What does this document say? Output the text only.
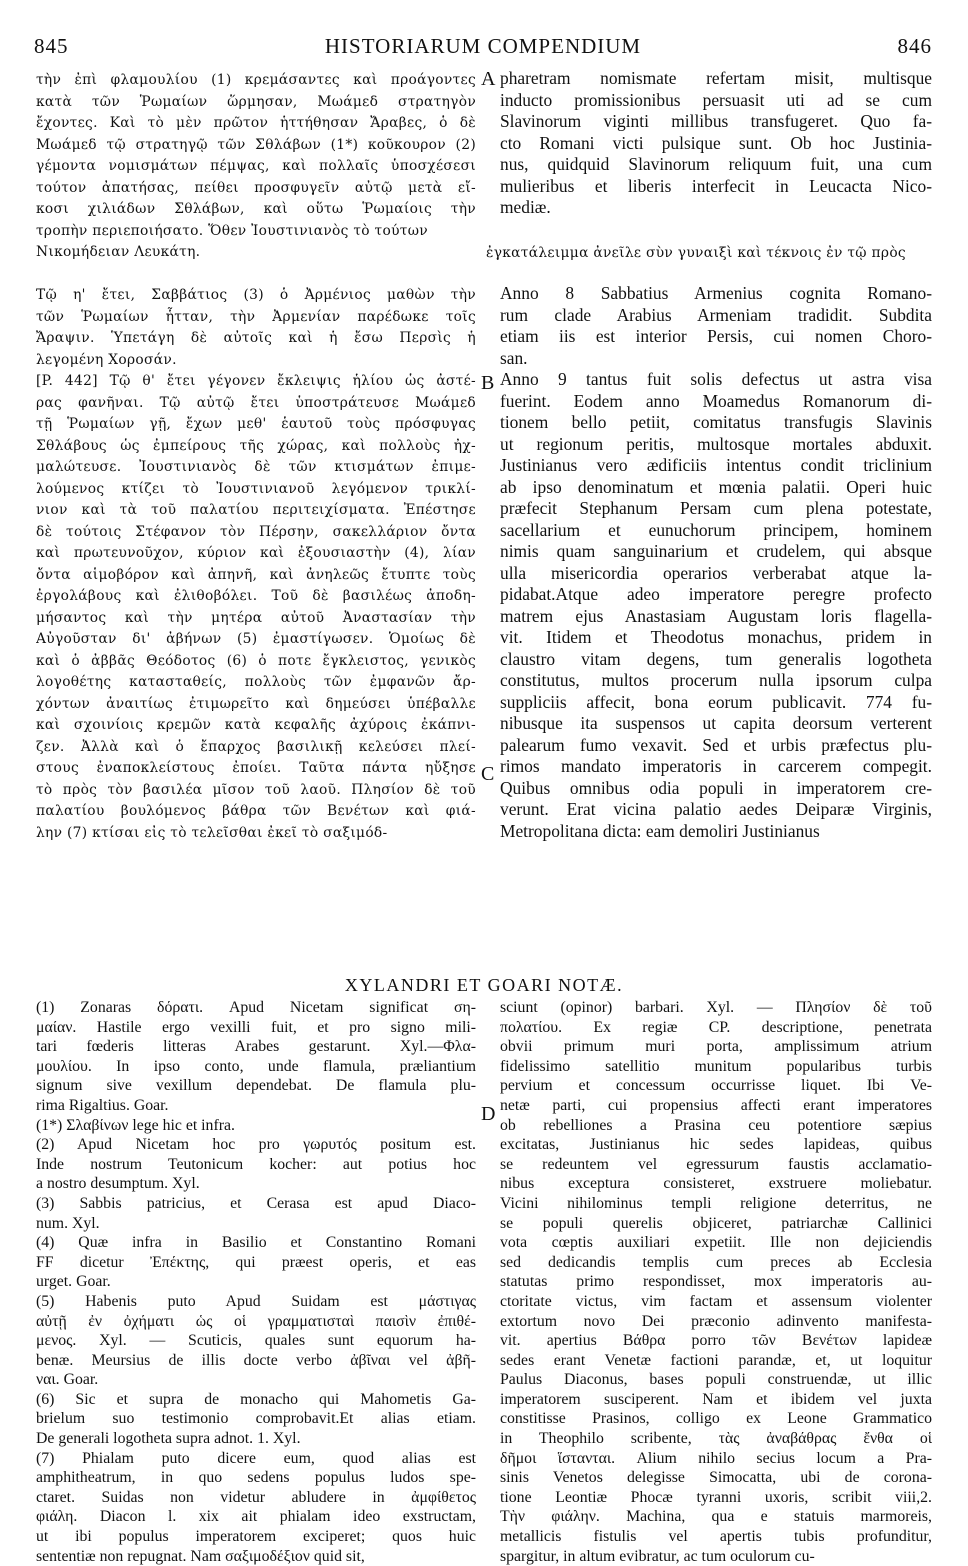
845	HISTORIARUM COMPENDIUM	846
A
B
C
D
τὴν ἐπὶ φλαμουλίου (1) κρεμάσαντες καὶ προάγοντες
κατὰ τῶν Ῥωμαίων ὥρμησαν, Μωάμεδ στρατηγὸν
ἔχοντες. Καὶ τὸ μὲν πρῶτον ἡττήθησαν Ἄραβες, ὁ δὲ
Μωάμεδ τῷ στρατηγῷ τῶν Σθλάβων (1*) κοῦκουρον (2)
γέμοντα νομισμάτων πέμψας, καὶ πολλαῖς ὑποσχέσεσι
τούτον ἀπατήσας, πείθει προσφυγεῖν αὐτῷ μετὰ εἴ-
κοσι χιλιάδων Σθλάβων, καὶ οὕτω Ῥωμαίοις τὴν
τροπὴν περιεποιήσατο. Ὅθεν Ἰουστινιανὸς τὸ τούτων
Νικομήδειαν Λευκάτη.
pharetram nomismate refertam misit, multisque
inducto promissionibus persuasit uti ad se cum
Slavinorum viginti millibus transfugeret. Quo fa-
cto Romani victi pulsique sunt. Ob hoc Justinia-
nus, quidquid Slavinorum reliquum fuit, una cum
mulieribus et liberis interfecit in Leucacta Nico-
mediæ.
ἐγκατάλειμμα ἀνεῖλε σὺν γυναιξὶ καὶ τέκνοις ἐν τῷ πρὸς
Τῷ η' ἔτει, Σαββάτιος (3) ὁ Ἀρμένιος μαθὼν τὴν
τῶν Ῥωμαίων ἧτταν, τὴν Ἀρμενίαν παρέδωκε τοῖς
Ἄραψιν. Ὑπετάγη δὲ αὐτοῖς καὶ ἡ ἔσω Περσὶς ἡ
λεγομένη Χοροσάν.
[P. 442] Τῷ θ' ἔτει γέγονεν ἔκλειψις ἡλίου ὡς ἀστέ-
ρας φανῆναι. Τῷ αὐτῷ ἔτει ὑποστράτευσε Μωάμεδ
τῇ Ῥωμαίων γῇ, ἔχων μεθ' ἑαυτοῦ τοὺς πρόσφυγας
Σθλάβους ὡς ἐμπείρους τῆς χώρας, καὶ πολλοὺς ἠχ-
μαλώτευσε. Ἰουστινιανὸς δὲ τῶν κτισμάτων ἐπιμε-
λούμενος κτίζει τὸ Ἰουστινιανοῦ λεγόμενον τρικλί-
νιον καὶ τὰ τοῦ παλατίου περιτειχίσματα. Ἐπέστησε
δὲ τούτοις Στέφανον τὸν Πέρσην, σακελλάριον ὄντα
καὶ πρωτευνοῦχον, κύριον καὶ ἐξουσιαστὴν (4), λίαν
ὄντα αἱμοβόρον καὶ ἀπηνῆ, καὶ ἀνηλεῶς ἔτυπτε τοὺς
ἐργολάβους καὶ ἐλιθοβόλει. Τοῦ δὲ βασιλέως ἀποδη-
μήσαντος καὶ τὴν μητέρα αὐτοῦ Ἀναστασίαν τὴν
Αὐγοῦσταν δι' ἀβήνων (5) ἐμαστίγωσεν. Ὁμοίως δὲ
καὶ ὁ ἀββᾶς Θεόδοτος (6) ὁ ποτε ἔγκλειστος, γενικὸς
λογοθέτης κατασταθείς, πολλοὺς τῶν ἐμφανῶν ἄρ-
χόντων ἀναιτίως ἐτιμωρεῖτο καὶ δημεύσει ὑπέβαλλε
καὶ σχοινίοις κρεμῶν κατὰ κεφαλῆς ἀχύροις ἐκάπνι-
ζεν. Ἀλλὰ καὶ ὁ ἔπαρχος βασιλικῇ κελεύσει πλεί-
στους ἐναποκλείστους ἐποίει. Ταῦτα πάντα ηὔξησε
τὸ πρὸς τὸν βασιλέα μῖσον τοῦ λαοῦ. Πλησίον δὲ τοῦ
παλατίου βουλόμενος βάθρα τῶν Βενέτων καὶ φιά-
λην (7) κτίσαι εἰς τὸ τελεῖσθαι ἐκεῖ τὸ σαξιμόδ-
Anno 8 Sabbatius Armenius cognita Romano-
rum clade Arabius Armeniam tradidit. Subdita
etiam iis est interior Persis, cui nomen Choro-
san.
Anno 9 tantus fuit solis defectus ut astra visa
fuerint. Eodem anno Moamedus Romanorum di-
tionem bello petiit, comitatus transfugis Slavinis
ut regionum peritis, multosque mortales abduxit.
Justinianus vero ædificiis intentus condit triclinium
ab ipso denominatum et mœnia palatii. Operi huic
præfecit Stephanum Persam cum plena potestate,
sacellarium et eunuchorum principem, hominem
nimis quam sanguinarium et crudelem, qui absque
ulla misericordia operarios verberabat atque la-
pidabat.Atque adeo imperatore peregre profecto
matrem ejus Anastasiam Augustam loris flagella-
vit. Itidem et Theodotus monachus, pridem in
claustro vitam degens, tum generalis logotheta
constitutus, multos procerum nulla ipsorum culpa
suppliciis affecit, bona eorum publicavit. 774 fu-
nibusque ita suspensos ut capita deorsum verterent
palearum fumo vexavit. Sed et urbis præfectus plu-
rimos mandato imperatoris in carcerem compegit.
Quibus omnibus odia populi in imperatorem cre-
verunt. Erat vicina palatio aedes Deiparæ Virginis,
Metropolitana dicta: eam demoliri Justinianus
XYLANDRI ET GOARI NOTÆ.
(1) Zonaras δόρατι. Apud Nicetam significat ση-
μαίαν. Hastile ergo vexilli fuit, et pro signo mili-
tari fœderis litteras Arabes gestarunt. Xyl.—Φλα-
μουλίου. In ipso conto, unde flamula, præliantium
signum sive vexillum dependebat. De flamula plu-
rima Rigaltius. Goar.
(1*) Σλαβίνων lege hic et infra.
(2) Apud Nicetam hoc pro γωρυτός positum est.
Inde nostrum Teutonicum kocher: aut potius hoc
a nostro desumptum. Xyl.
(3) Sabbis patricius, et Cerasa est apud Diaco-
num. Xyl.
(4) Quæ infra in Basilio et Constantino Romani
FF dicetur Ἐπέκτης, qui præest operis, et eas
urget. Goar.
(5) Habenis puto Apud Suidam est μάστιγας
αὐτῇ ἐν ὀχήματι ὡς οἱ γραμματισταὶ παισὶν ἐπιθέ-
μενος. Xyl. — Scuticis, quales sunt equorum ha-
benæ. Meursius de illis docte verbo ἀβῖναι vel ἀβῆ-
ναι. Goar.
(6) Sic et supra de monacho qui Mahometis Ga-
brielum suo testimonio comprobavit.Et alias etiam.
De generali logotheta supra adnot. 1. Xyl.
(7) Phialam puto dicere eum, quod alias est
amphitheatrum, in quo sedens populus ludos spe-
ctaret. Suidas non videtur abludere in ἀμφίθετος
φιάλη. Diacon l. xix ait phialam ideo exstructam,
ut ibi populus imperatorem exciperet; quos huic
sententiæ non repugnat. Nam σαξιμοδέξιον quid sit,
sciunt (opinor) barbari. Xyl. — Πλησίον δὲ τοῦ
πολατίου. Ex regiæ CP. descriptione, penetrata
obvii primum muri porta, amplissimum atrium
fidelissimo satellitio munitum popularibus turbis
pervium et concessum occurrisse liquet. Ibi Ve-
netæ parti, cui propensius affecti erant imperatores
ob rebelliones a Prasina ceu potentiore sæpius
excitatas, Justinianus hic sedes lapideas, quibus
se redeuntem vel egressurum faustis acclamatio-
nibus exceptura consisteret, exstruere moliebatur.
Vicini nihilominus templi religione deterritus, ne
se populi querelis objiceret, patriarchæ Callinici
vota cœptis auxiliari expetiit. Ille non dejiciendis
sed dedicandis templis cum preces ab Ecclesia
statutas primo respondisset, mox imperatoris au-
ctoritate victus, vim factam et assensum violenter
extortum novo Dei præconio adinvento manifesta-
vit. apertius Βάθρα porro τῶν Βενέτων lapideæ
sedes erant Venetæ factioni parandæ, et, ut loquitur
Paulus Diaconus, bases populi construendæ, ut illic
imperatorem susciperent. Nam et ibidem vel juxta
constitisse Prasinos, colligo ex Leone Grammatico
in Theophilo scribente, τὰς ἀναβάθρας ἔνθα οἱ
δῆμοι ἵστανται. Alium nihilo secius locum a Pra-
sinis Venetos delegisse Simocatta, ubi de corona-
tione Leontiæ Phocæ tyranni uxoris, scribit viii,2.
Τὴν φιάλην. Machina, qua e statuis marmoreis,
metallicis fistulis vel apertis tubis profunditur,
spargitur, in altum evibratur, ac tum oculorum cu-
